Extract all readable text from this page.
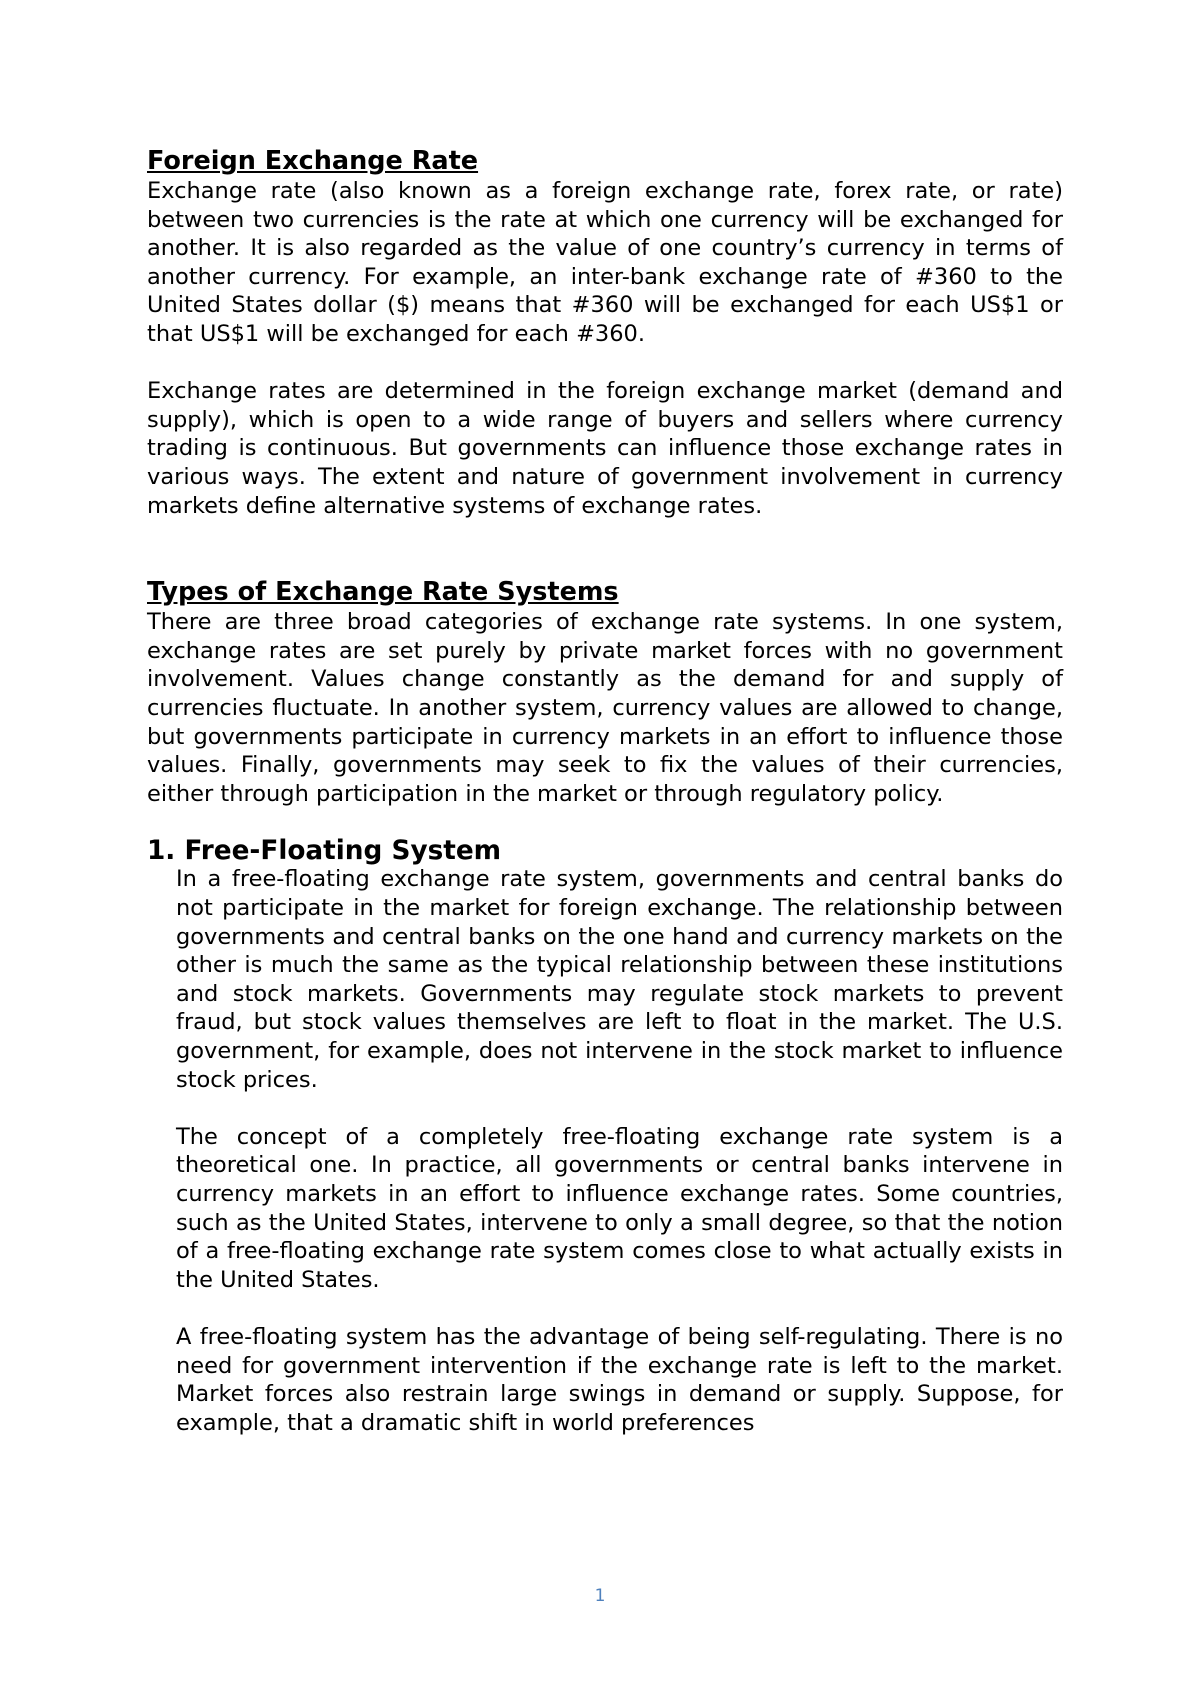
Foreign Exchange Rate

Exchange rate (also known as a foreign exchange rate, forex rate, or rate) between two currencies is the rate at which one currency will be exchanged for another. It is also regarded as the value of one country’s currency in terms of another currency. For example, an inter-bank exchange rate of #360 to the United States dollar ($) means that #360 will be exchanged for each US$1 or that US$1 will be exchanged for each #360.

Exchange rates are determined in the foreign exchange market (demand and supply), which is open to a wide range of buyers and sellers where currency trading is continuous. But governments can influence those exchange rates in various ways. The extent and nature of government involvement in currency markets define alternative systems of exchange rates.

Types of Exchange Rate Systems

There are three broad categories of exchange rate systems. In one system, exchange rates are set purely by private market forces with no government involvement. Values change constantly as the demand for and supply of currencies fluctuate. In another system, currency values are allowed to change, but governments participate in currency markets in an effort to influence those values. Finally, governments may seek to fix the values of their currencies, either through participation in the market or through regulatory policy.

1. Free-Floating System

In a free-floating exchange rate system, governments and central banks do not participate in the market for foreign exchange. The relationship between governments and central banks on the one hand and currency markets on the other is much the same as the typical relationship between these institutions and stock markets. Governments may regulate stock markets to prevent fraud, but stock values themselves are left to float in the market. The U.S. government, for example, does not intervene in the stock market to influence stock prices.

The concept of a completely free-floating exchange rate system is a theoretical one. In practice, all governments or central banks intervene in currency markets in an effort to influence exchange rates. Some countries, such as the United States, intervene to only a small degree, so that the notion of a free-floating exchange rate system comes close to what actually exists in the United States.

A free-floating system has the advantage of being self-regulating. There is no need for government intervention if the exchange rate is left to the market. Market forces also restrain large swings in demand or supply. Suppose, for example, that a dramatic shift in world preferences

1
